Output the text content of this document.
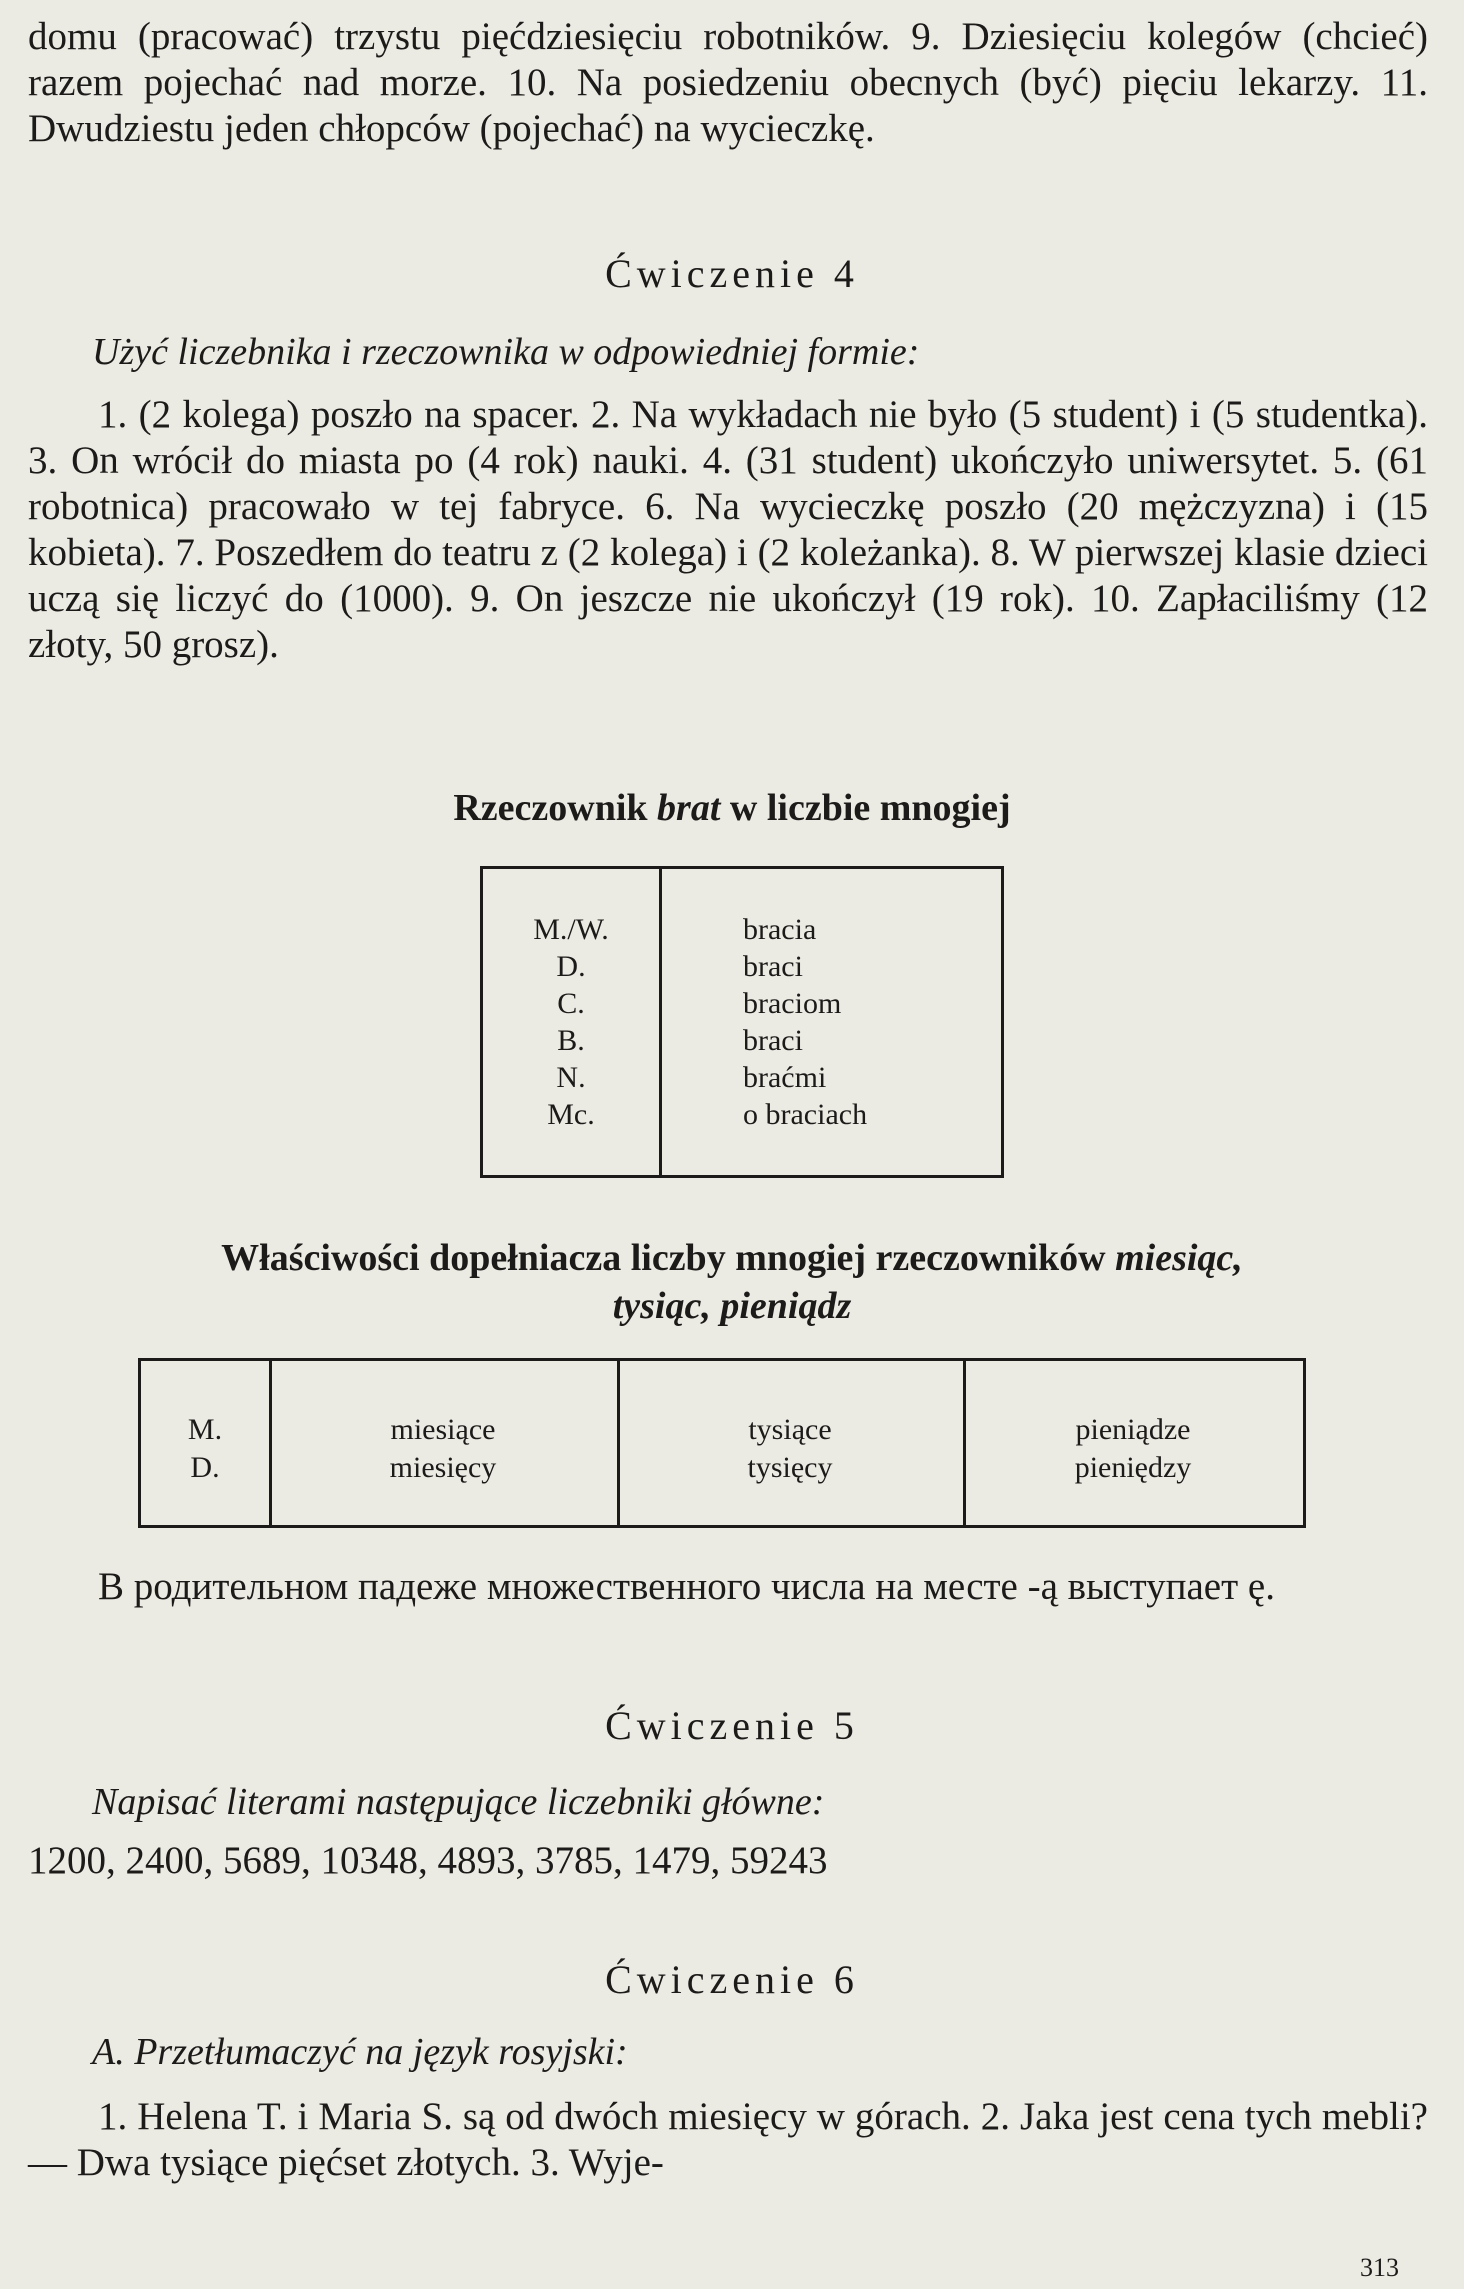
domu (pracować) trzystu pięćdziesięciu robotników. 9. Dziesięciu kolegów (chcieć) razem pojechać nad morze. 10. Na posiedzeniu obecnych (być) pięciu lekarzy. 11. Dwudziestu jeden chłopców (pojechać) na wycieczkę.

Ćwiczenie 4

Użyć liczebnika i rzeczownika w odpowiedniej formie:

1. (2 kolega) poszło na spacer. 2. Na wykładach nie było (5 student) i (5 studentka). 3. On wrócił do miasta po (4 rok) nauki. 4. (31 student) ukończyło uniwersytet. 5. (61 robotnica) pracowało w tej fabryce. 6. Na wycieczkę poszło (20 mężczyzna) i (15 kobieta). 7. Poszedłem do teatru z (2 kolega) i (2 koleżanka). 8. W pierwszej klasie dzieci uczą się liczyć do (1000). 9. On jeszcze nie ukończył (19 rok). 10. Zapłaciliśmy (12 złoty, 50 grosz).

Rzeczownik brat w liczbie mnogiej

M./W.
D.
C.
B.
N.
Mc.
bracia
braci
braciom
braci
braćmi
o braciach

Właściwości dopełniacza liczby mnogiej rzeczowników miesiąc,
tysiąc, pieniądz

M.
D.
miesiące
miesięcy
tysiące
tysięcy
pieniądze
pieniędzy

В родительном падеже множественного числа на месте -ą выступает ę.

Ćwiczenie 5

Napisać literami następujące liczebniki główne:

1200, 2400, 5689, 10348, 4893, 3785, 1479, 59243

Ćwiczenie 6

A. Przetłumaczyć na język rosyjski:

1. Helena T. i Maria S. są od dwóch miesięcy w górach. 2. Jaka jest cena tych mebli? — Dwa tysiące pięćset złotych. 3. Wyje-

313
